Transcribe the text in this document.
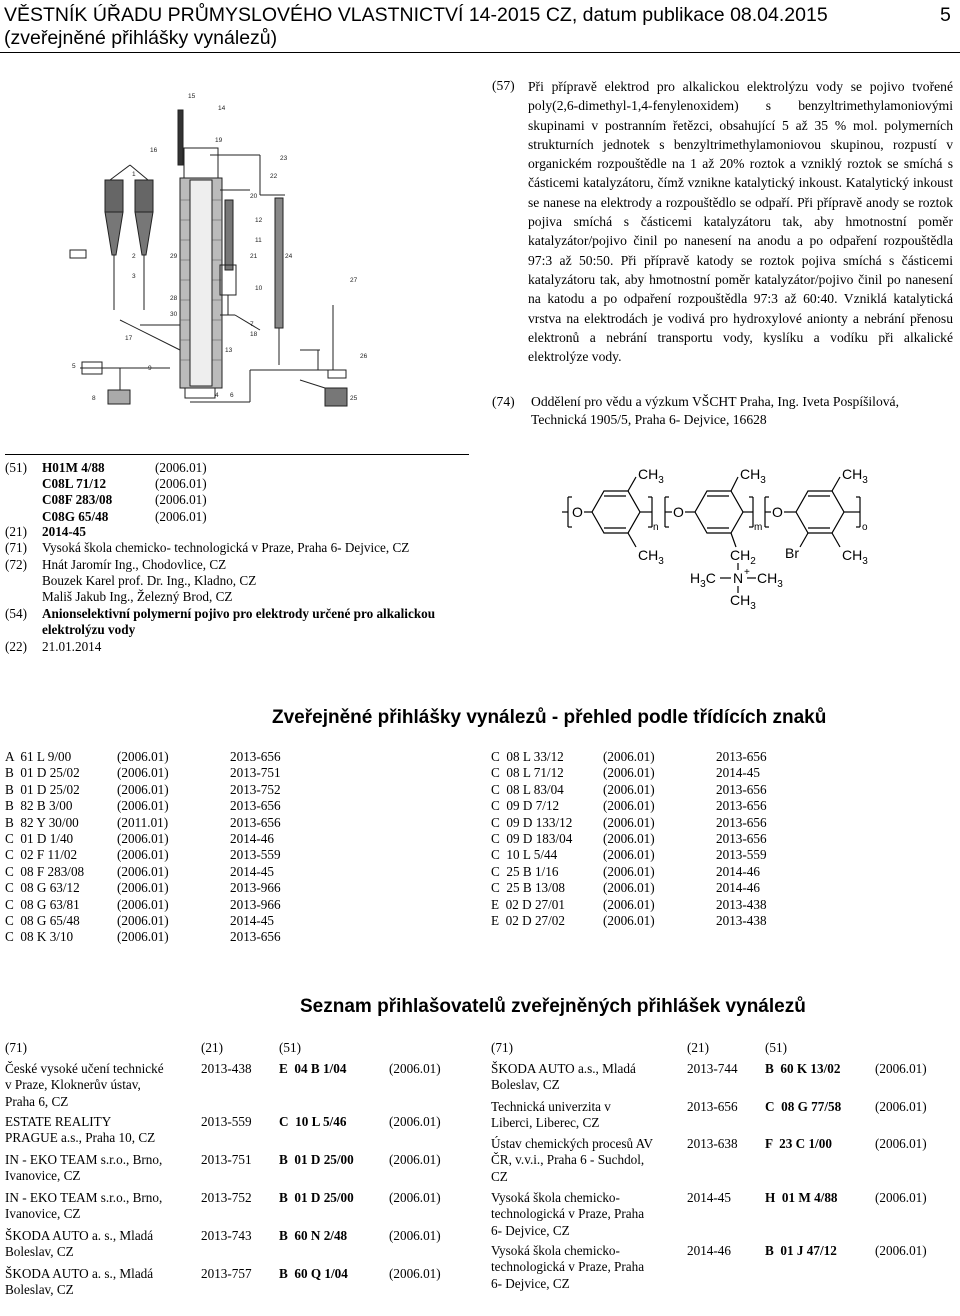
VĚSTNÍK ÚŘADU PRŮMYSLOVÉHO VLASTNICTVÍ 14-2015 CZ, datum publikace 08.04.2015
(zveřejněné přihlášky vynálezů)
5
15
14
1
16
19
22
23
20
12
11
24
21
3
2	29
28
30
10
7
18
27
17
13
9
5
26
8	4 6	25
(57) Při přípravě elektrod pro alkalickou elektrolýzu vody se pojivo tvořené poly(2,6-dimethyl-1,4-fenylenoxidem) s benzyltrimethylamoniovými skupinami v postranním řetězci, obsahující 5 až 35 % mol. polymerních strukturních jednotek s benzyltrimethylamoniovou skupinou, rozpustí v organickém rozpouštědle na 1 až 20% roztok a vzniklý roztok se smíchá s částicemi katalyzátoru, čímž vznikne katalytický inkoust. Katalytický inkoust se nanese na elektrody a rozpouštědlo se odpaří. Při přípravě anody se roztok pojiva smíchá s částicemi katalyzátoru tak, aby hmotnostní poměr katalyzátor/pojivo činil po nanesení na anodu a po odpaření rozpouštědla 97:3 až 50:50. Při přípravě katody se roztok pojiva smíchá s částicemi katalyzátoru tak, aby hmotnostní poměr katalyzátor/pojivo činil po nanesení na katodu a po odpaření rozpouštědla 97:3 až 60:40. Vzniklá katalytická vrstva na elektrodách je vodivá pro hydroxylové anionty a nebrání přenosu elektronů a nebrání transportu vody, kyslíku a vodíku při alkalické elektrolýze vody.
(74) Oddělení pro vědu a výzkum VŠCHT Praha, Ing. Iveta Pospíšilová,
Technická 1905/5, Praha 6- Dejvice, 16628
(51) H01M 4/88	(2006.01)
C08L 71/12	(2006.01)
C08F 283/08	(2006.01)
C08G 65/48	(2006.01)
(21) 2014-45
(71) Vysoká škola chemicko- technologická v Praze, Praha 6- Dejvice, CZ
(72) Hnát Jaromír Ing., Chodovlice, CZ
Bouzek Karel prof. Dr. Ing., Kladno, CZ
Mališ Jakub Ing., Železný Brod, CZ
(54) Anionselektivní polymerní pojivo pro elektrody určené pro alkalickou
elektrolýzu vody
(22) 21.01.2014
O
$CH_3$
$CH_3$
n
O
$CH_3$
$CH_2$
N +
$CH_3$
$CH_3$
$H_3C$
m
O
Br
$CH_3$
$CH_3$
o
Zveřejněné přihlášky vynálezů - přehled podle třídících znaků
A  61 L 9/00	(2006.01)	2013-656
B  01 D 25/02	(2006.01)	2013-751
B  01 D 25/02	(2006.01)	2013-752
B  82 B 3/00	(2006.01)	2013-656
B  82 Y 30/00	(2011.01)	2013-656
C  01 D 1/40	(2006.01)	2014-46
C  02 F 11/02	(2006.01)	2013-559
C  08 F 283/08 (2006.01)	2014-45
C  08 G 63/12	(2006.01)	2013-966
C  08 G 63/81	(2006.01)	2013-966
C  08 G 65/48	(2006.01)	2014-45
C  08 K 3/10	(2006.01)	2013-656
C  08 L 33/12	(2006.01)	2013-656
C  08 L 71/12	(2006.01)	2014-45
C  08 L 83/04	(2006.01)	2013-656
C  09 D 7/12	(2006.01)	2013-656
C  09 D 133/12 (2006.01)	2013-656
C  09 D 183/04 (2006.01)	2013-656
C  10 L 5/44	(2006.01)	2013-559
C  25 B 1/16	(2006.01)	2014-46
C  25 B 13/08	(2006.01)	2014-46
E  02 D 27/01	(2006.01)	2013-438
E  02 D 27/02	(2006.01)	2013-438
Seznam přihlašovatelů zveřejněných přihlášek vynálezů
(71)	(21)	(51)	(71)	(21)	(51)
České vysoké učení technické
v Praze, Kloknerův ústav,
Praha 6, CZ
2013-438 E  04 B 1/04	(2006.01)
ESTATE REALITY
PRAGUE a.s., Praha 10, CZ
2013-559 C  10 L 5/46	(2006.01)
IN - EKO TEAM s.r.o., Brno,
Ivanovice, CZ
2013-751 B  01 D 25/00	(2006.01)
IN - EKO TEAM s.r.o., Brno,
Ivanovice, CZ
2013-752 B  01 D 25/00	(2006.01)
ŠKODA AUTO a. s., Mladá
Boleslav, CZ
2013-743 B  60 N 2/48	(2006.01)
ŠKODA AUTO a. s., Mladá
Boleslav, CZ
2013-757 B  60 Q 1/04	(2006.01)
ŠKODA AUTO a.s., Mladá
Boleslav, CZ
2013-744 B  60 K 13/02	(2006.01)
Technická univerzita v
Liberci, Liberec, CZ
2013-656 C  08 G 77/58	(2006.01)
Ústav chemických procesů AV
ČR, v.v.i., Praha 6 - Suchdol,
CZ
2013-638 F  23 C 1/00	(2006.01)
Vysoká škola chemicko-
technologická v Praze, Praha
6- Dejvice, CZ
2014-45	H  01 M 4/88	(2006.01)
Vysoká škola chemicko-
technologická v Praze, Praha
6- Dejvice, CZ
2014-46	B  01 J 47/12	(2006.01)
